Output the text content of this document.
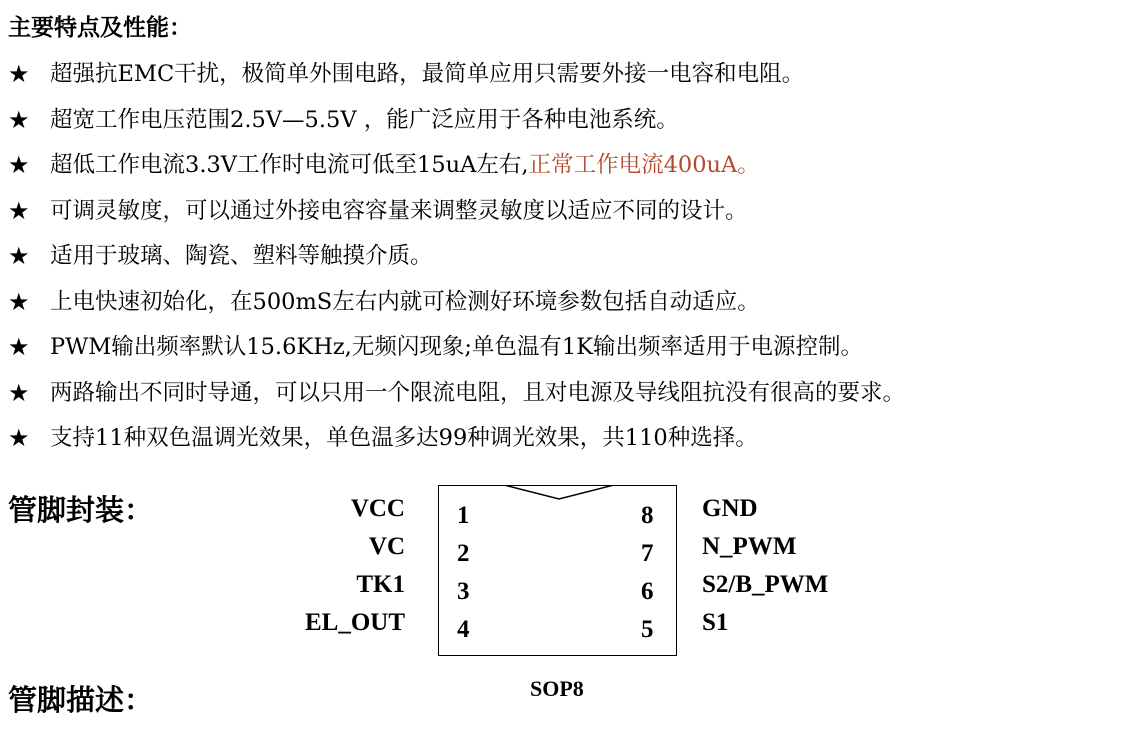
主要特点及性能：
★ 超强抗EMC干扰，极简单外围电路，最简单应用只需要外接一电容和电阻。
★ 超宽工作电压范围2.5V—5.5V ，能广泛应用于各种电池系统。
★ 超低工作电流3.3V工作时电流可低至15uA左右, 正常工作电流400uA。
★ 可调灵敏度，可以通过外接电容容量来调整灵敏度以适应不同的设计。
★ 适用于玻璃、陶瓷、塑料等触摸介质。
★ 上电快速初始化，在500mS左右内就可检测好环境参数包括自动适应。
★ PWM输出频率默认15.6KHz,无频闪现象;单色温有1K输出频率适用于电源控制。
★ 两路输出不同时导通，可以只用一个限流电阻，且对电源及导线阻抗没有很高的要求。
★ 支持11种双色温调光效果，单色温多达99种调光效果，共110种选择。
管脚封装：	VCC
VC
TK1
EL_OUT
1
2
3
4
8
7
6
5
GND
N_PWM
S2/B_PWM
S1
SOP8
管脚描述：
